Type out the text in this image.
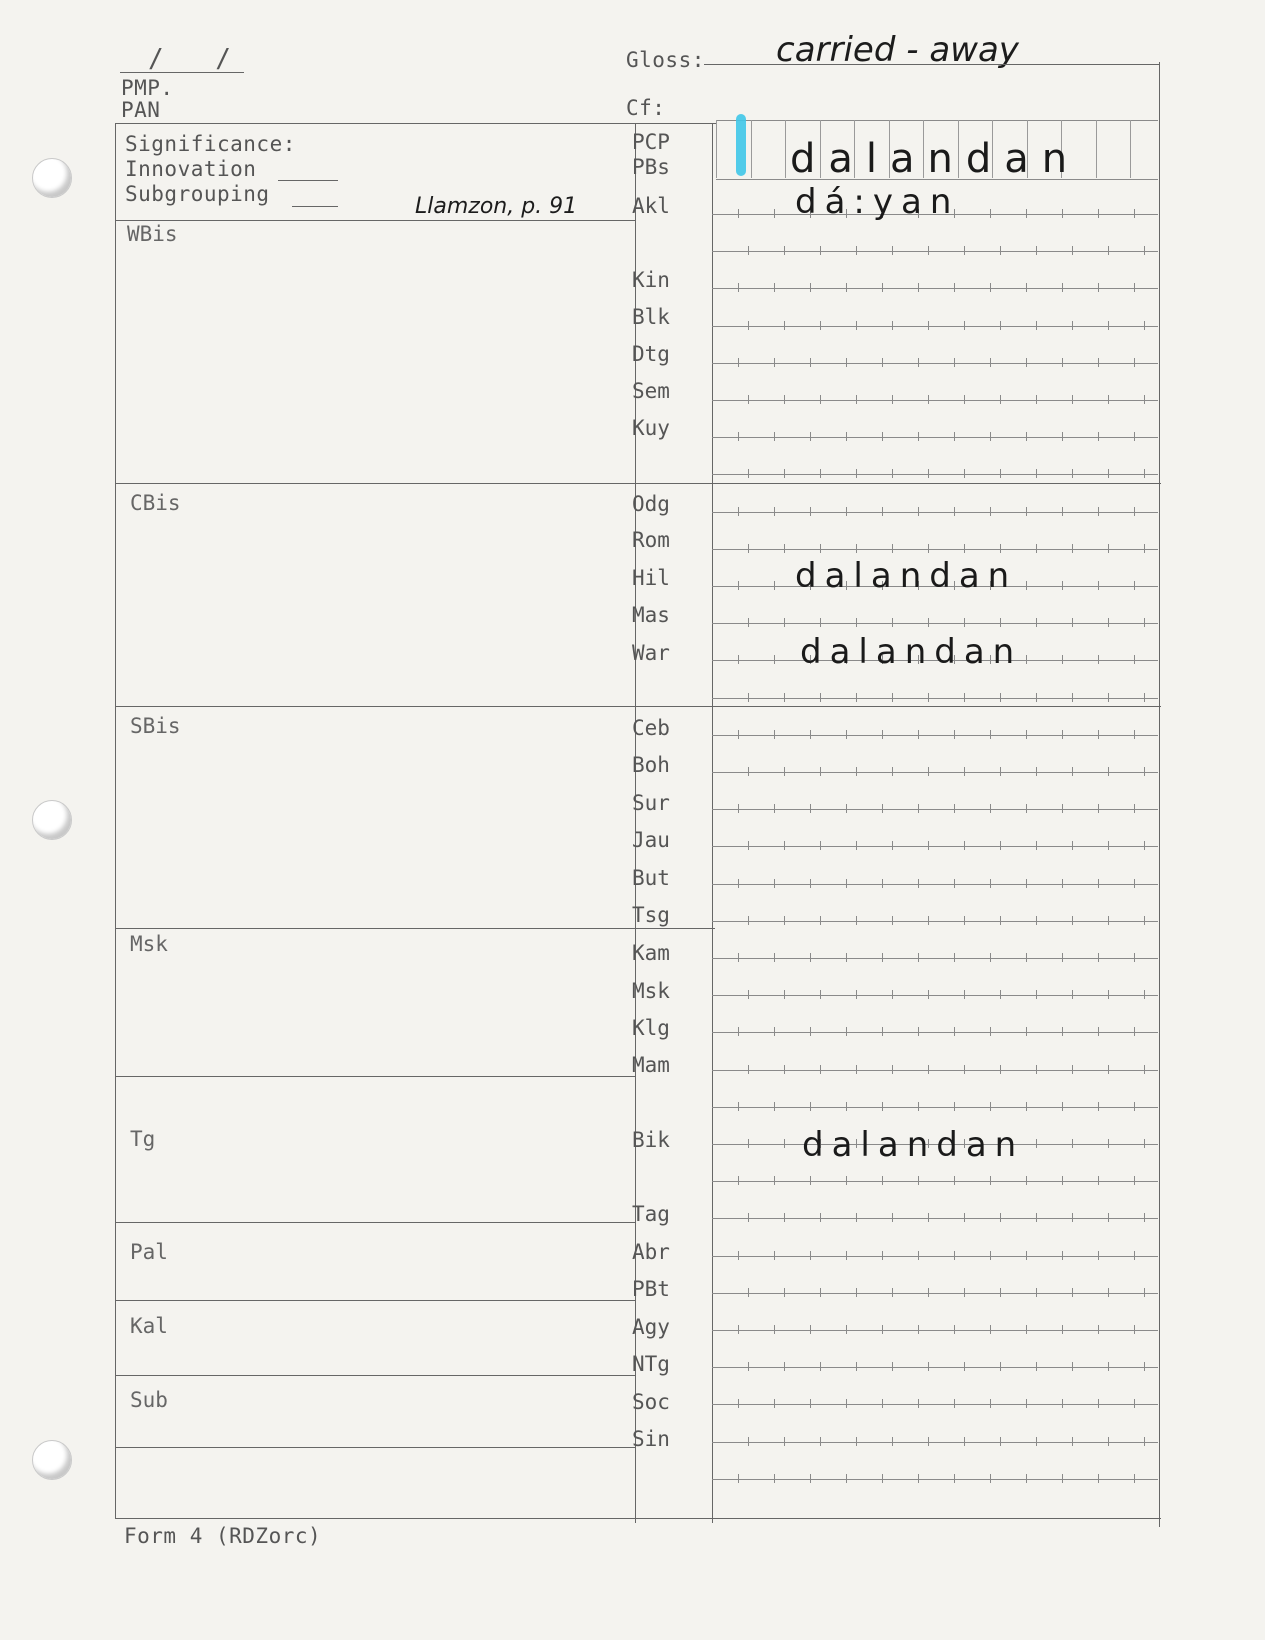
/ /
PMP.
PAN
Gloss: carried - away
Cf:
Significance:
Innovation
Subgrouping	Llamzon, p. 91
WBis
CBis
SBis
Msk
Tg
Pal
Kal
Sub
PCP
PBs
Akl
Kin
Blk
Dtg
Sem
Kuy
Odg
Rom
Hil
Mas
War
Ceb
Boh
Sur
Jau
But
Tsg
Kam
Msk
Klg
Mam
Bik
Tag
Abr
PBt
Agy
NTg
Soc
Sin
dalandan
dá:yan
dalandan
dalandan
dalandan
Form 4 (RDZorc)
